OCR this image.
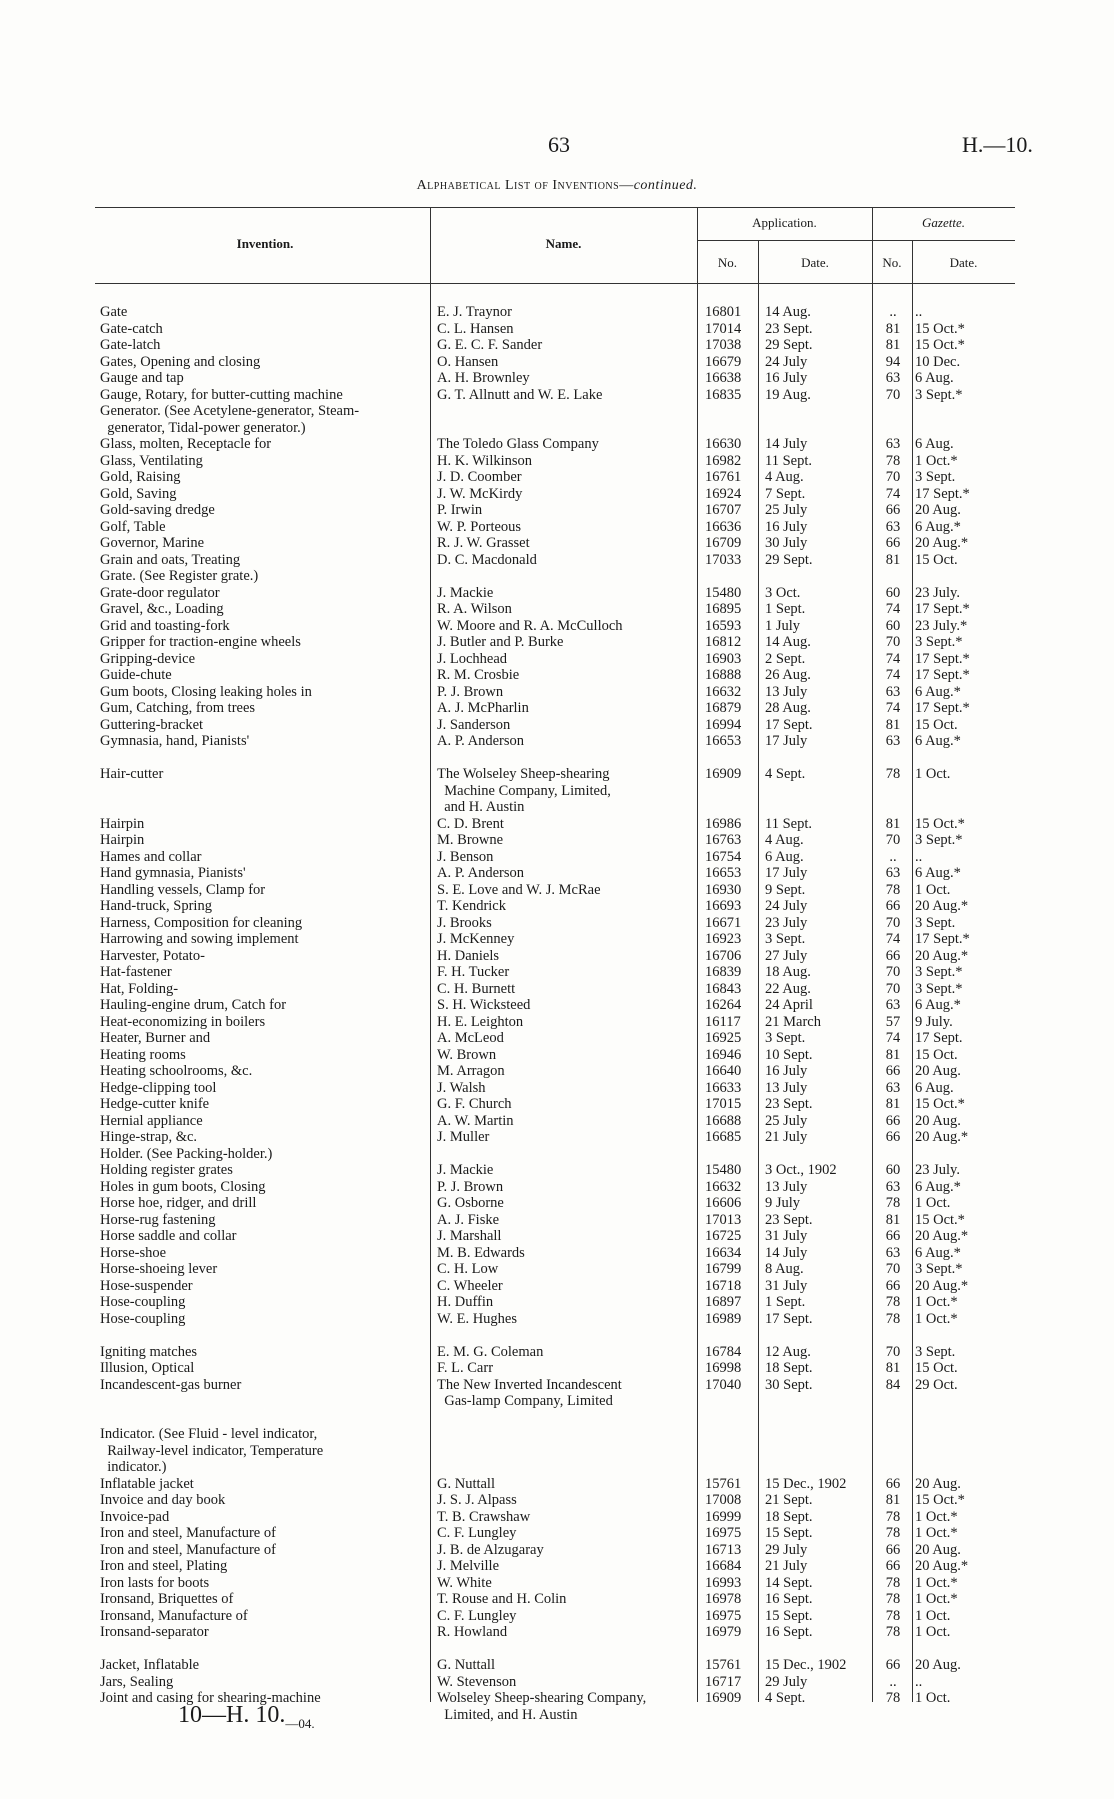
63	H.—10.
Alphabetical List of Inventions—continued.
Invention.	Name.
Application.	Gazette.
No.	Date.	No.	Date.
Gate	E. J. Traynor	16801	14 Aug.	..	..
Gate-catch	C. L. Hansen	17014	23 Sept.	81	15 Oct.*
Gate-latch	G. E. C. F. Sander	17038	29 Sept.	81	15 Oct.*
Gates, Opening and closing	O. Hansen	16679	24 July	94	10 Dec.
Gauge and tap	A. H. Brownley	16638	16 July	63	6 Aug.
Gauge, Rotary, for butter-cutting machine	G. T. Allnutt and W. E. Lake	16835	19 Aug.	70	3 Sept.*
Generator. (See Acetylene-generator, Steam-
generator, Tidal-power generator.)
Glass, molten, Receptacle for	The Toledo Glass Company	16630	14 July	63	6 Aug.
Glass, Ventilating	H. K. Wilkinson	16982	11 Sept.	78	1 Oct.*
Gold, Raising	J. D. Coomber	16761	4 Aug.	70	3 Sept.
Gold, Saving	J. W. McKirdy	16924	7 Sept.	74	17 Sept.*
Gold-saving dredge	P. Irwin	16707	25 July	66	20 Aug.
Golf, Table	W. P. Porteous	16636	16 July	63	6 Aug.*
Governor, Marine	R. J. W. Grasset	16709	30 July	66	20 Aug.*
Grain and oats, Treating	D. C. Macdonald	17033	29 Sept.	81	15 Oct.
Grate. (See Register grate.)
Grate-door regulator	J. Mackie	15480	3 Oct.	60	23 July.
Gravel, &c., Loading	R. A. Wilson	16895	1 Sept.	74	17 Sept.*
Grid and toasting-fork	W. Moore and R. A. McCulloch	16593	1 July	60	23 July.*
Gripper for traction-engine wheels	J. Butler and P. Burke	16812	14 Aug.	70	3 Sept.*
Gripping-device	J. Lochhead	16903	2 Sept.	74	17 Sept.*
Guide-chute	R. M. Crosbie	16888	26 Aug.	74	17 Sept.*
Gum boots, Closing leaking holes in	P. J. Brown	16632	13 July	63	6 Aug.*
Gum, Catching, from trees	A. J. McPharlin	16879	28 Aug.	74	17 Sept.*
Guttering-bracket	J. Sanderson	16994	17 Sept.	81	15 Oct.
Gymnasia, hand, Pianists'	A. P. Anderson	16653	17 July	63	6 Aug.*
Hair-cutter	The Wolseley Sheep-shearing	16909	4 Sept.	78	1 Oct.
Machine Company, Limited,
and H. Austin
Hairpin	C. D. Brent	16986	11 Sept.	81	15 Oct.*
Hairpin	M. Browne	16763	4 Aug.	70	3 Sept.*
Hames and collar	J. Benson	16754	6 Aug.	..	..
Hand gymnasia, Pianists'	A. P. Anderson	16653	17 July	63	6 Aug.*
Handling vessels, Clamp for	S. E. Love and W. J. McRae	16930	9 Sept.	78	1 Oct.
Hand-truck, Spring	T. Kendrick	16693	24 July	66	20 Aug.*
Harness, Composition for cleaning	J. Brooks	16671	23 July	70	3 Sept.
Harrowing and sowing implement	J. McKenney	16923	3 Sept.	74	17 Sept.*
Harvester, Potato-	H. Daniels	16706	27 July	66	20 Aug.*
Hat-fastener	F. H. Tucker	16839	18 Aug.	70	3 Sept.*
Hat, Folding-	C. H. Burnett	16843	22 Aug.	70	3 Sept.*
Hauling-engine drum, Catch for	S. H. Wicksteed	16264	24 April	63	6 Aug.*
Heat-economizing in boilers	H. E. Leighton	16117	21 March	57	9 July.
Heater, Burner and	A. McLeod	16925	3 Sept.	74	17 Sept.
Heating rooms	W. Brown	16946	10 Sept.	81	15 Oct.
Heating schoolrooms, &c.	M. Arragon	16640	16 July	66	20 Aug.
Hedge-clipping tool	J. Walsh	16633	13 July	63	6 Aug.
Hedge-cutter knife	G. F. Church	17015	23 Sept.	81	15 Oct.*
Hernial appliance	A. W. Martin	16688	25 July	66	20 Aug.
Hinge-strap, &c.	J. Muller	16685	21 July	66	20 Aug.*
Holder. (See Packing-holder.)
Holding register grates	J. Mackie	15480	3 Oct., 1902	60	23 July.
Holes in gum boots, Closing	P. J. Brown	16632	13 July	63	6 Aug.*
Horse hoe, ridger, and drill	G. Osborne	16606	9 July	78	1 Oct.
Horse-rug fastening	A. J. Fiske	17013	23 Sept.	81	15 Oct.*
Horse saddle and collar	J. Marshall	16725	31 July	66	20 Aug.*
Horse-shoe	M. B. Edwards	16634	14 July	63	6 Aug.*
Horse-shoeing lever	C. H. Low	16799	8 Aug.	70	3 Sept.*
Hose-suspender	C. Wheeler	16718	31 July	66	20 Aug.*
Hose-coupling	H. Duffin	16897	1 Sept.	78	1 Oct.*
Hose-coupling	W. E. Hughes	16989	17 Sept.	78	1 Oct.*
Igniting matches	E. M. G. Coleman	16784	12 Aug.	70	3 Sept.
Illusion, Optical	F. L. Carr	16998	18 Sept.	81	15 Oct.
Incandescent-gas burner	The New Inverted Incandescent	17040	30 Sept.	84	29 Oct.
Gas-lamp Company, Limited
Indicator. (See Fluid - level indicator,
Railway-level indicator, Temperature
indicator.)
Inflatable jacket	G. Nuttall	15761	15 Dec., 1902	66	20 Aug.
Invoice and day book	J. S. J. Alpass	17008	21 Sept.	81	15 Oct.*
Invoice-pad	T. B. Crawshaw	16999	18 Sept.	78	1 Oct.*
Iron and steel, Manufacture of	C. F. Lungley	16975	15 Sept.	78	1 Oct.*
Iron and steel, Manufacture of	J. B. de Alzugaray	16713	29 July	66	20 Aug.
Iron and steel, Plating	J. Melville	16684	21 July	66	20 Aug.*
Iron lasts for boots	W. White	16993	14 Sept.	78	1 Oct.*
Ironsand, Briquettes of	T. Rouse and H. Colin	16978	16 Sept.	78	1 Oct.*
Ironsand, Manufacture of	C. F. Lungley	16975	15 Sept.	78	1 Oct.
Ironsand-separator	R. Howland	16979	16 Sept.	78	1 Oct.
Jacket, Inflatable	G. Nuttall	15761	15 Dec., 1902	66	20 Aug.
Jars, Sealing	W. Stevenson	16717	29 July	..	..
Joint and casing for shearing-machine	Wolseley Sheep-shearing Company,	16909	4 Sept.	78	1 Oct.
Limited, and H. Austin
10—H. $10._{—04.}$
